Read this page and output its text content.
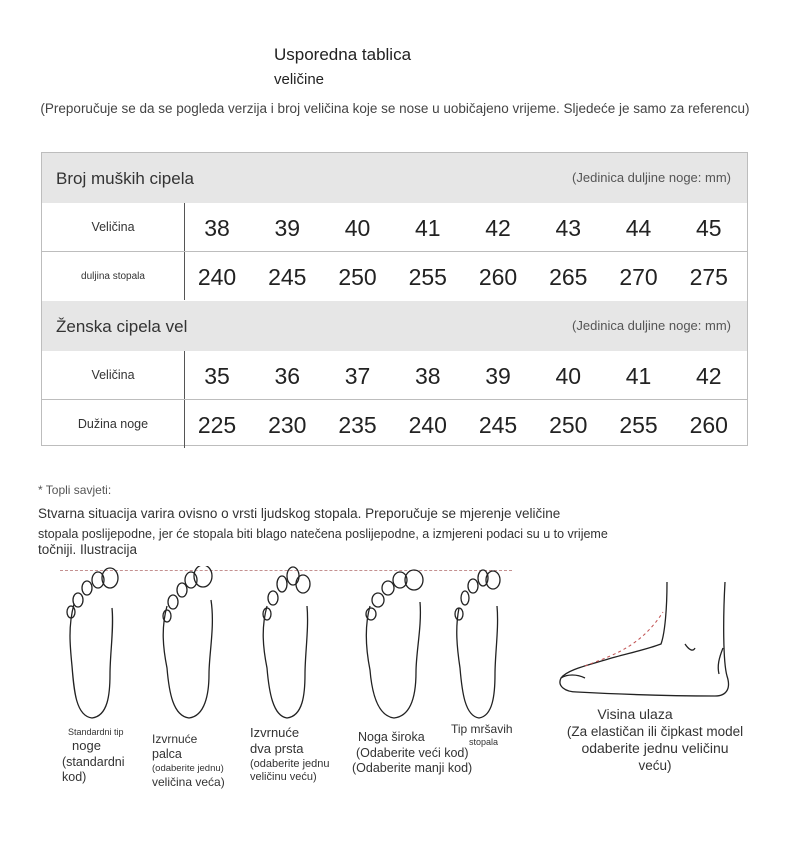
Usporedna tablica
veličine
(Preporučuje se da se pogleda verzija i broj veličina koje se nose u uobičajeno vrijeme. Sljedeće je samo za referencu)
Broj muških cipela	(Jedinica duljine noge: mm)
Veličina	38	39	40	41	42	43	44	45
duljina stopala	240	245	250	255	260	265	270	275
Ženska cipela vel	(Jedinica duljine noge: mm)
Veličina	35	36	37	38	39	40	41	42
Dužina noge	225	230	235	240	245	250	255	260
* Topli savjeti:
Stvarna situacija varira ovisno o vrsti ljudskog stopala. Preporučuje se mjerenje veličine
stopala poslijepodne, jer će stopala biti blago natečena poslijepodne, a izmjereni podaci su u to vrijeme
točniji. Ilustracija
Standardni tip
noge
(standardni
kod)
Izvrnuće
palca
(odaberite jednu)
veličina veća)
Izvrnuće
dva prsta
(odaberite jednu
veličinu veću)
Noga široka
(Odaberite veći kod)
(Odaberite manji kod)
Tip mršavih
stopala
Visina ulaza
(Za elastičan ili čipkast model
odaberite jednu veličinu
veću)
